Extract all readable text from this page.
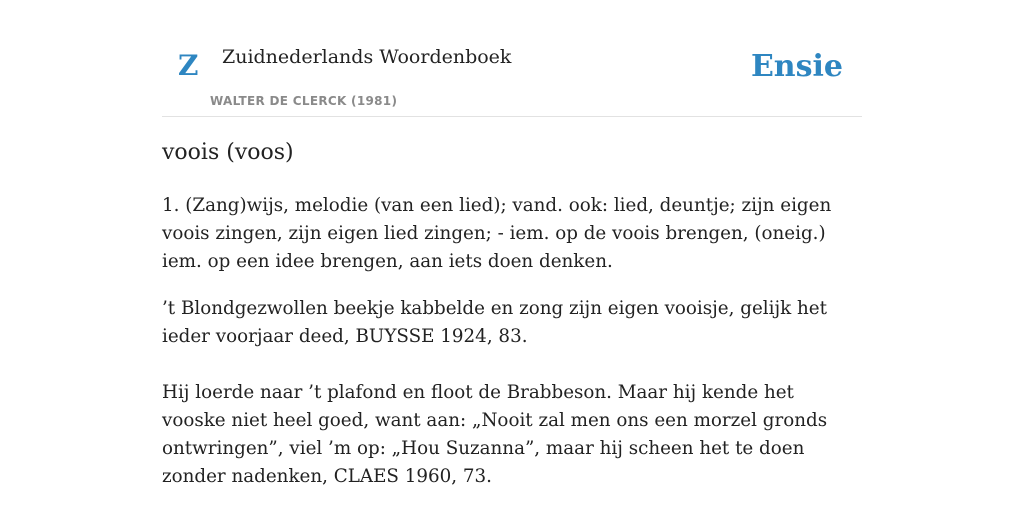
Z Zuidnederlands Woordenboek
WALTER DE CLERCK (1981)
Ensie
voois (voos)

1. (Zang)wijs, melodie (van een lied); vand. ook: lied, deuntje; zijn eigen voois zingen, zijn eigen lied zingen; - iem. op de voois brengen, (oneig.) iem. op een idee brengen, aan iets doen denken.

’t Blondgezwollen beekje kabbelde en zong zijn eigen vooisje, gelijk het ieder voorjaar deed, BUYSSE 1924, 83.

Hij loerde naar ’t plafond en floot de Brabbeson. Maar hij kende het vooske niet heel goed, want aan: „Nooit zal men ons een morzel gronds ontwringen”, viel ’m op: „Hou Suzanna”, maar hij scheen het te doen zonder nadenken, CLAES 1960, 73.
